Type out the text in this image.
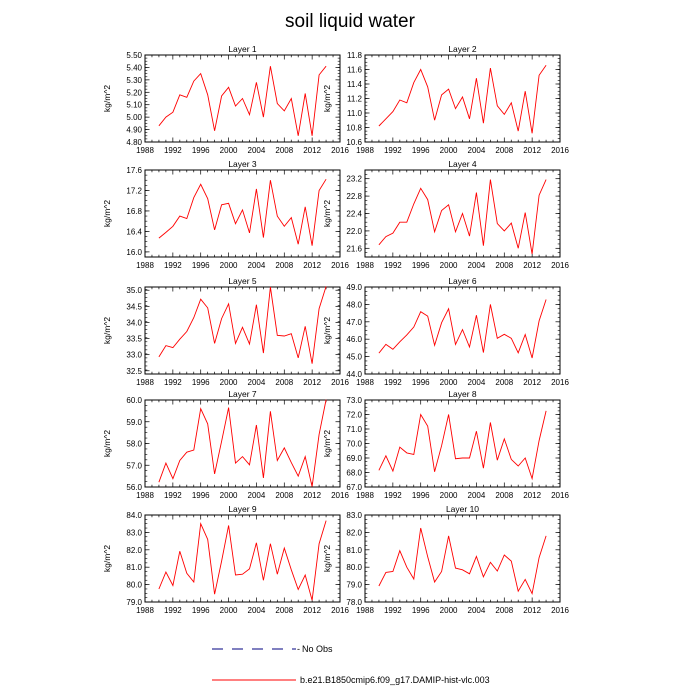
soil liquid water
Layer 1
kg/m^2
1988 1992 1996 2000 2004 2008 2012 2016
4.80
4.90
5.00
5.10
5.20
5.30
5.40
5.50
Layer 2
kg/m^2
1988 1992 1996 2000 2004 2008 2012 2016
10.6
10.8
11.0
11.2
11.4
11.6
11.8
Layer 3
kg/m^2
1988 1992 1996 2000 2004 2008 2012 2016
16.0
16.4
16.8
17.2
17.6
Layer 4
kg/m^2
1988 1992 1996 2000 2004 2008 2012 2016
21.6
22.0
22.4
22.8
23.2
Layer 5
kg/m^2
1988 1992 1996 2000 2004 2008 2012 2016
32.5
33.0
33.5
34.0
34.5
35.0
Layer 6
kg/m^2
1988 1992 1996 2000 2004 2008 2012 2016
44.0
45.0
46.0
47.0
48.0
49.0
Layer 7
kg/m^2
1988 1992 1996 2000 2004 2008 2012 2016
56.0
57.0
58.0
59.0
60.0
Layer 8
kg/m^2
1988 1992 1996 2000 2004 2008 2012 2016
67.0
68.0
69.0
70.0
71.0
72.0
73.0
Layer 9
kg/m^2
1988 1992 1996 2000 2004 2008 2012 2016
79.0
80.0
81.0
82.0
83.0
84.0
Layer 10
kg/m^2
1988 1992 1996 2000 2004 2008 2012 2016
78.0
79.0
80.0
81.0
82.0
83.0
- No Obs
b.e21.B1850cmip6.f09_g17.DAMIP-hist-vlc.003
